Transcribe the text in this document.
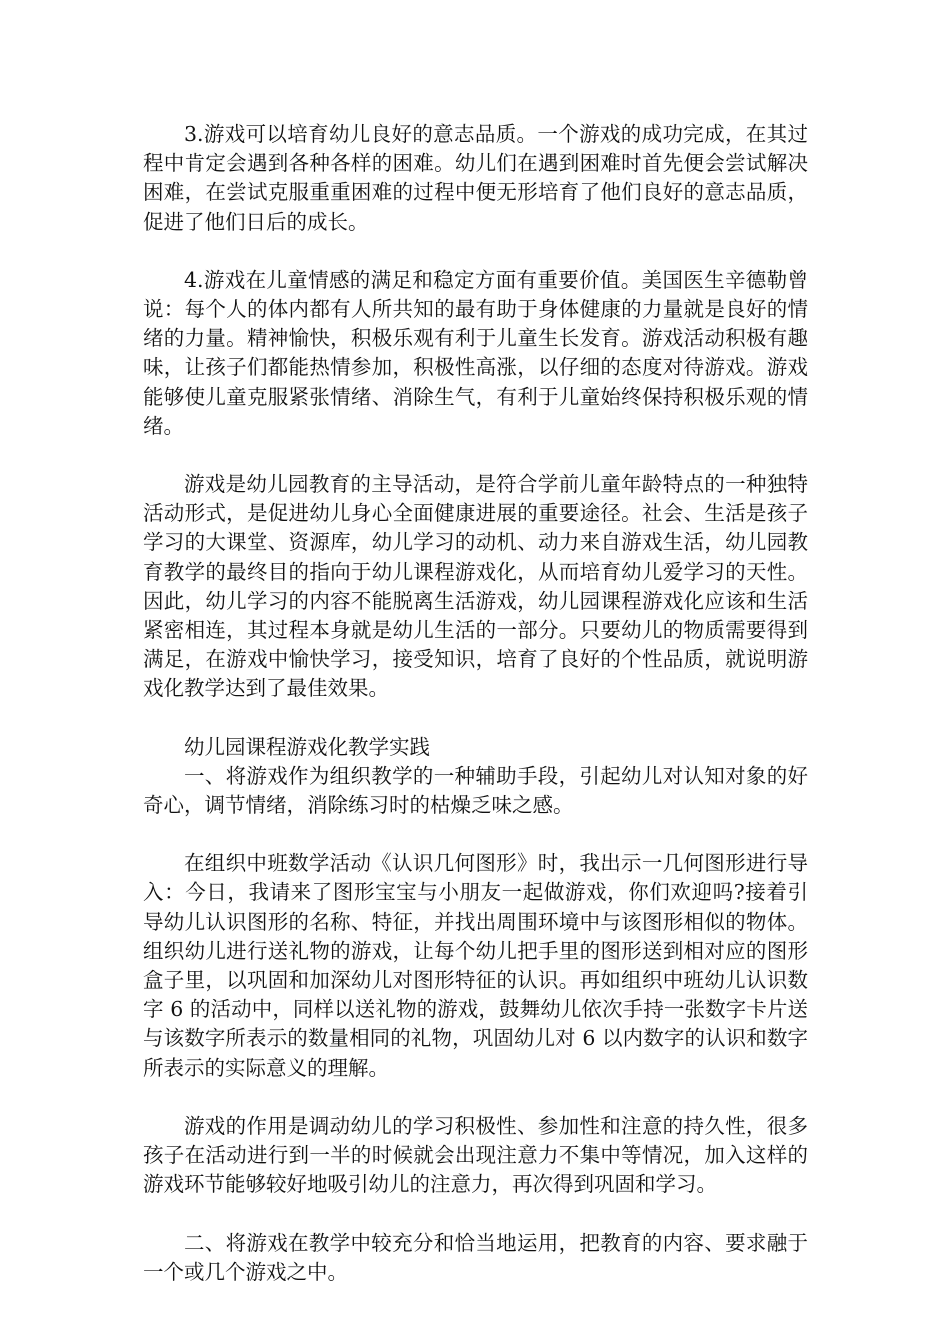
3.游戏可以培育幼儿良好的意志品质。一个游戏的成功完成，在其过程中肯定会遇到各种各样的困难。幼儿们在遇到困难时首先便会尝试解决困难，在尝试克服重重困难的过程中便无形培育了他们良好的意志品质，促进了他们日后的成长。

4.游戏在儿童情感的满足和稳定方面有重要价值。美国医生辛德勒曾说：每个人的体内都有人所共知的最有助于身体健康的力量就是良好的情绪的力量。精神愉快，积极乐观有利于儿童生长发育。游戏活动积极有趣味，让孩子们都能热情参加，积极性高涨，以仔细的态度对待游戏。游戏能够使儿童克服紧张情绪、消除生气，有利于儿童始终保持积极乐观的情绪。

游戏是幼儿园教育的主导活动，是符合学前儿童年龄特点的一种独特活动形式，是促进幼儿身心全面健康进展的重要途径。社会、生活是孩子学习的大课堂、资源库，幼儿学习的动机、动力来自游戏生活，幼儿园教育教学的最终目的指向于幼儿课程游戏化，从而培育幼儿爱学习的天性。因此，幼儿学习的内容不能脱离生活游戏，幼儿园课程游戏化应该和生活紧密相连，其过程本身就是幼儿生活的一部分。只要幼儿的物质需要得到满足，在游戏中愉快学习，接受知识，培育了良好的个性品质，就说明游戏化教学达到了最佳效果。

幼儿园课程游戏化教学实践

一、将游戏作为组织教学的一种辅助手段，引起幼儿对认知对象的好奇心，调节情绪，消除练习时的枯燥乏味之感。

在组织中班数学活动《认识几何图形》时，我出示一几何图形进行导入：今日，我请来了图形宝宝与小朋友一起做游戏，你们欢迎吗?接着引导幼儿认识图形的名称、特征，并找出周围环境中与该图形相似的物体。组织幼儿进行送礼物的游戏，让每个幼儿把手里的图形送到相对应的图形盒子里，以巩固和加深幼儿对图形特征的认识。再如组织中班幼儿认识数字 6 的活动中，同样以送礼物的游戏，鼓舞幼儿依次手持一张数字卡片送与该数字所表示的数量相同的礼物，巩固幼儿对 6 以内数字的认识和数字所表示的实际意义的理解。

游戏的作用是调动幼儿的学习积极性、参加性和注意的持久性，很多孩子在活动进行到一半的时候就会出现注意力不集中等情况，加入这样的游戏环节能够较好地吸引幼儿的注意力，再次得到巩固和学习。

二、将游戏在教学中较充分和恰当地运用，把教育的内容、要求融于一个或几个游戏之中。
